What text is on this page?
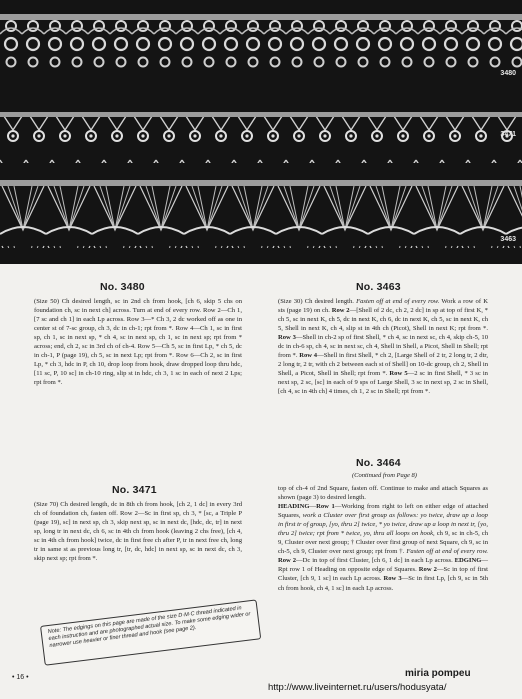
3480
3471
3463
No. 3480

(Size 50) Ch desired length, sc in 2nd ch from hook, [ch 6, skip 5 chs on foundation ch, sc in next ch] across. Turn at end of every row. Row 2—Ch 1, [7 sc and ch 1] in each Lp across. Row 3—* Ch 3, 2 dc worked off as one in center st of 7-sc group, ch 3, dc in ch-1; rpt from *. Row 4—Ch 1, sc in first sp, ch 1, sc in next sp, * ch 4, sc in next sp, ch 1, sc in next sp; rpt from * across; end, ch 2, sc in 3rd ch of ch-4. Row 5—Ch 5, sc in first Lp, * ch 5, dc in ch-1, P (page 19), ch 5, sc in next Lp; rpt from *. Row 6—Ch 2, sc in first Lp, * ch 3, hdc in P, ch 10, drop loop from hook, draw dropped loop thru hdc, [11 sc, P, 10 sc] in ch-10 ring, slip st in hdc, ch 3, 1 sc in each of next 2 Lps; rpt from *.

No. 3471

(Size 70) Ch desired length, dc in 8th ch from hook, [ch 2, 1 dc] in every 3rd ch of foundation ch, fasten off. Row 2—Sc in first sp, ch 3, * [sc, a Triple P (page 19), sc] in next sp, ch 3, skip next sp, sc in next dc, [hdc, dc, tr] in next sp, long tr in next dc, ch 6, sc in 4th ch from hook (leaving 2 chs free), [ch 4, sc in 4th ch from hook] twice, dc in first free ch after P, tr in next free ch, long tr in same st as previous long tr, [tr, dc, hdc] in next sp, sc in next dc, ch 3, skip next sp; rpt from *.

No. 3463

(Size 30) Ch desired length. Fasten off at end of every row. Work a row of K sts (page 19) on ch. Row 2—[Shell of 2 dc, ch 2, 2 dc] in sp at top of first K, * ch 5, sc in next K, ch 5, dc in next K, ch 6, dc in next K, ch 5, sc in next K, ch 5, Shell in next K, ch 4, slip st in 4th ch (Picot), Shell in next K; rpt from *. Row 3—Shell in ch-2 sp of first Shell, * ch 4, sc in next sc, ch 4, skip ch-5, 10 dc in ch-6 sp, ch 4, sc in next sc, ch 4, Shell in Shell, a Picot, Shell in Shell; rpt from *. Row 4—Shell in first Shell, * ch 2, [Large Shell of 2 tr, 2 long tr, 2 dtr, 2 long tr, 2 tr, with ch 2 between each st of Shell] on 10-dc group, ch 2, Shell in Shell, a Picot, Shell in Shell; rpt from *. Row 5—2 sc in first Shell, * 3 sc in next sp, 2 sc, [sc] in each of 9 sps of Large Shell, 3 sc in next sp, 2 sc in Shell, [ch 4, sc in 4th ch] 4 times, ch 1, 2 sc in Shell; rpt from *.

No. 3464
(Continued from Page 8)

top of ch-4 of 2nd Square, fasten off. Continue to make and attach Squares as shown (page 3) to desired length.
HEADING—Row 1—Working from right to left on either edge of attached Squares, work a Cluster over first group as follows: yo twice, draw up a loop in first tr of group, [yo, thru 2] twice, * yo twice, draw up a loop in next tr, [yo, thru 2] twice; rpt from * twice, yo, thru all loops on hook, ch 9, sc in ch-5, ch 9, Cluster over next group; † Cluster over first group of next Square, ch 9, sc in ch-5, ch 9, Cluster over next group; rpt from †. Fasten off at end of every row. Row 2—Dc in top of first Cluster, [ch 6, 1 dc] in each Lp across. EDGING—Rpt row 1 of Heading on opposite edge of Squares. Row 2—Sc in top of first Cluster, [ch 9, 1 sc] in each Lp across. Row 3—Sc in first Lp, [ch 9, sc in 5th ch from hook, ch 4, 1 sc] in each Lp across.

Note: The edgings on this page are made of the size D·M·C thread indicated in each instruction and are photographed actual size. To make some edging wider or narrower use heavier or finer thread and hook (see page 2).
• 16 •	miria pompeu
http://www.liveinternet.ru/users/hodusyata/
